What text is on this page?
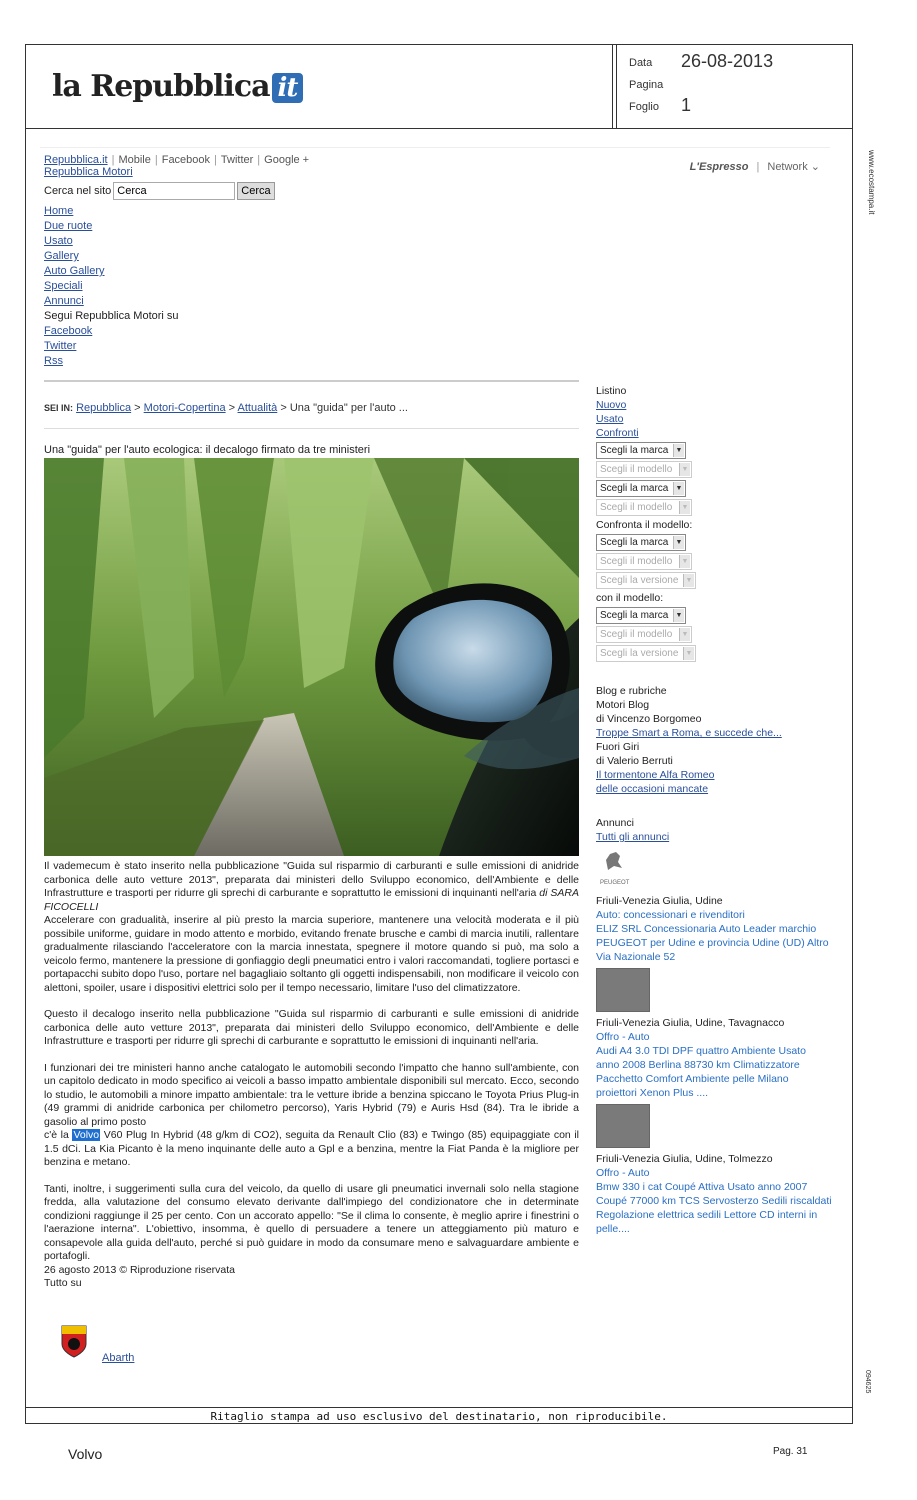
la Repubblica it
Data 26-08-2013
Pagina
Foglio 1
Repubblica.it | Mobile | Facebook | Twitter | Google +
Repubblica Motori	L'Espresso | Network ⌄
Cerca nel sito
Cerca	Cerca
Home
Due ruote
Usato
Gallery
Auto Gallery
Speciali
Annunci
Segui Repubblica Motori su
Facebook
Twitter
Rss
SEI IN: Repubblica > Motori-Copertina > Attualità > Una "guida" per l'auto ...
Una "guida" per l'auto ecologica: il decalogo firmato da tre ministeri

Il vademecum è stato inserito nella pubblicazione "Guida sul risparmio di carburanti e sulle emissioni di anidride carbonica delle auto vetture 2013", preparata dai ministeri dello Sviluppo economico, dell'Ambiente e delle Infrastrutture e trasporti per ridurre gli sprechi di carburante e soprattutto le emissioni di inquinanti nell'aria di SARA FICOCELLI
Accelerare con gradualità, inserire al più presto la marcia superiore, mantenere una velocità moderata e il più possibile uniforme, guidare in modo attento e morbido, evitando frenate brusche e cambi di marcia inutili, rallentare gradualmente rilasciando l'acceleratore con la marcia innestata, spegnere il motore quando si può, ma solo a veicolo fermo, mantenere la pressione di gonfiaggio degli pneumatici entro i valori raccomandati, togliere portasci e portapacchi subito dopo l'uso, portare nel bagagliaio soltanto gli oggetti indispensabili, non modificare il veicolo con alettoni, spoiler, usare i dispositivi elettrici solo per il tempo necessario, limitare l'uso del climatizzatore.

Questo il decalogo inserito nella pubblicazione "Guida sul risparmio di carburanti e sulle emissioni di anidride carbonica delle auto vetture 2013", preparata dai ministeri dello Sviluppo economico, dell'Ambiente e delle Infrastrutture e trasporti per ridurre gli sprechi di carburante e soprattutto le emissioni di inquinanti nell'aria.

I funzionari dei tre ministeri hanno anche catalogato le automobili secondo l'impatto che hanno sull'ambiente, con un capitolo dedicato in modo specifico ai veicoli a basso impatto ambientale disponibili sul mercato. Ecco, secondo lo studio, le automobili a minore impatto ambientale: tra le vetture ibride a benzina spiccano le Toyota Prius Plug-in (49 grammi di anidride carbonica per chilometro percorso), Yaris Hybrid (79) e Auris Hsd (84). Tra le ibride a gasolio al primo posto
c'è la Volvo V60 Plug In Hybrid (48 g/km di CO2), seguita da Renault Clio (83) e Twingo (85) equipaggiate con il 1.5 dCi. La Kia Picanto è la meno inquinante delle auto a Gpl e a benzina, mentre la Fiat Panda è la migliore per benzina e metano.

Tanti, inoltre, i suggerimenti sulla cura del veicolo, da quello di usare gli pneumatici invernali solo nella stagione fredda, alla valutazione del consumo elevato derivante dall'impiego del condizionatore che in determinate condizioni raggiunge il 25 per cento. Con un accorato appello: "Se il clima lo consente, è meglio aprire i finestrini o l'aerazione interna". L'obiettivo, insomma, è quello di persuadere a tenere un atteggiamento più maturo e consapevole alla guida dell'auto, perché si può guidare in modo da consumare meno e salvaguardare ambiente e portafogli.
26 agosto 2013 © Riproduzione riservata
Tutto su

Abarth
Listino
Nuovo
Usato
Confronti
Scegli la marca	▼
Scegli il modello	▼
Scegli la marca	▼
Scegli il modello	▼
Confronta il modello:
Scegli la marca	▼
Scegli il modello	▼
Scegli la versione	▼
con il modello:
Scegli la marca	▼
Scegli il modello	▼
Scegli la versione	▼
Blog e rubriche
Motori Blog
di Vincenzo Borgomeo
Troppe Smart a Roma, e succede che...
Fuori Giri
di Valerio Berruti
Il tormentone Alfa Romeo
delle occasioni mancate
Annunci
Tutti gli annunci
PEUGEOT
Friuli-Venezia Giulia, Udine
Auto: concessionari e rivenditori
ELIZ SRL Concessionaria Auto Leader marchio PEUGEOT per Udine e provincia Udine (UD) Altro Via Nazionale 52
Friuli-Venezia Giulia, Udine, Tavagnacco
Offro - Auto
Audi A4 3.0 TDI DPF quattro Ambiente Usato anno 2008 Berlina 88730 km Climatizzatore Pacchetto Comfort Ambiente pelle Milano proiettori Xenon Plus ....
Friuli-Venezia Giulia, Udine, Tolmezzo
Offro - Auto
Bmw 330 i cat Coupé Attiva Usato anno 2007 Coupé 77000 km TCS Servosterzo Sedili riscaldati Regolazione elettrica sedili Lettore CD interni in pelle....
Ritaglio stampa ad uso esclusivo del destinatario, non riproducibile.
www.ecostampa.it
094625
Volvo	Pag. 31
